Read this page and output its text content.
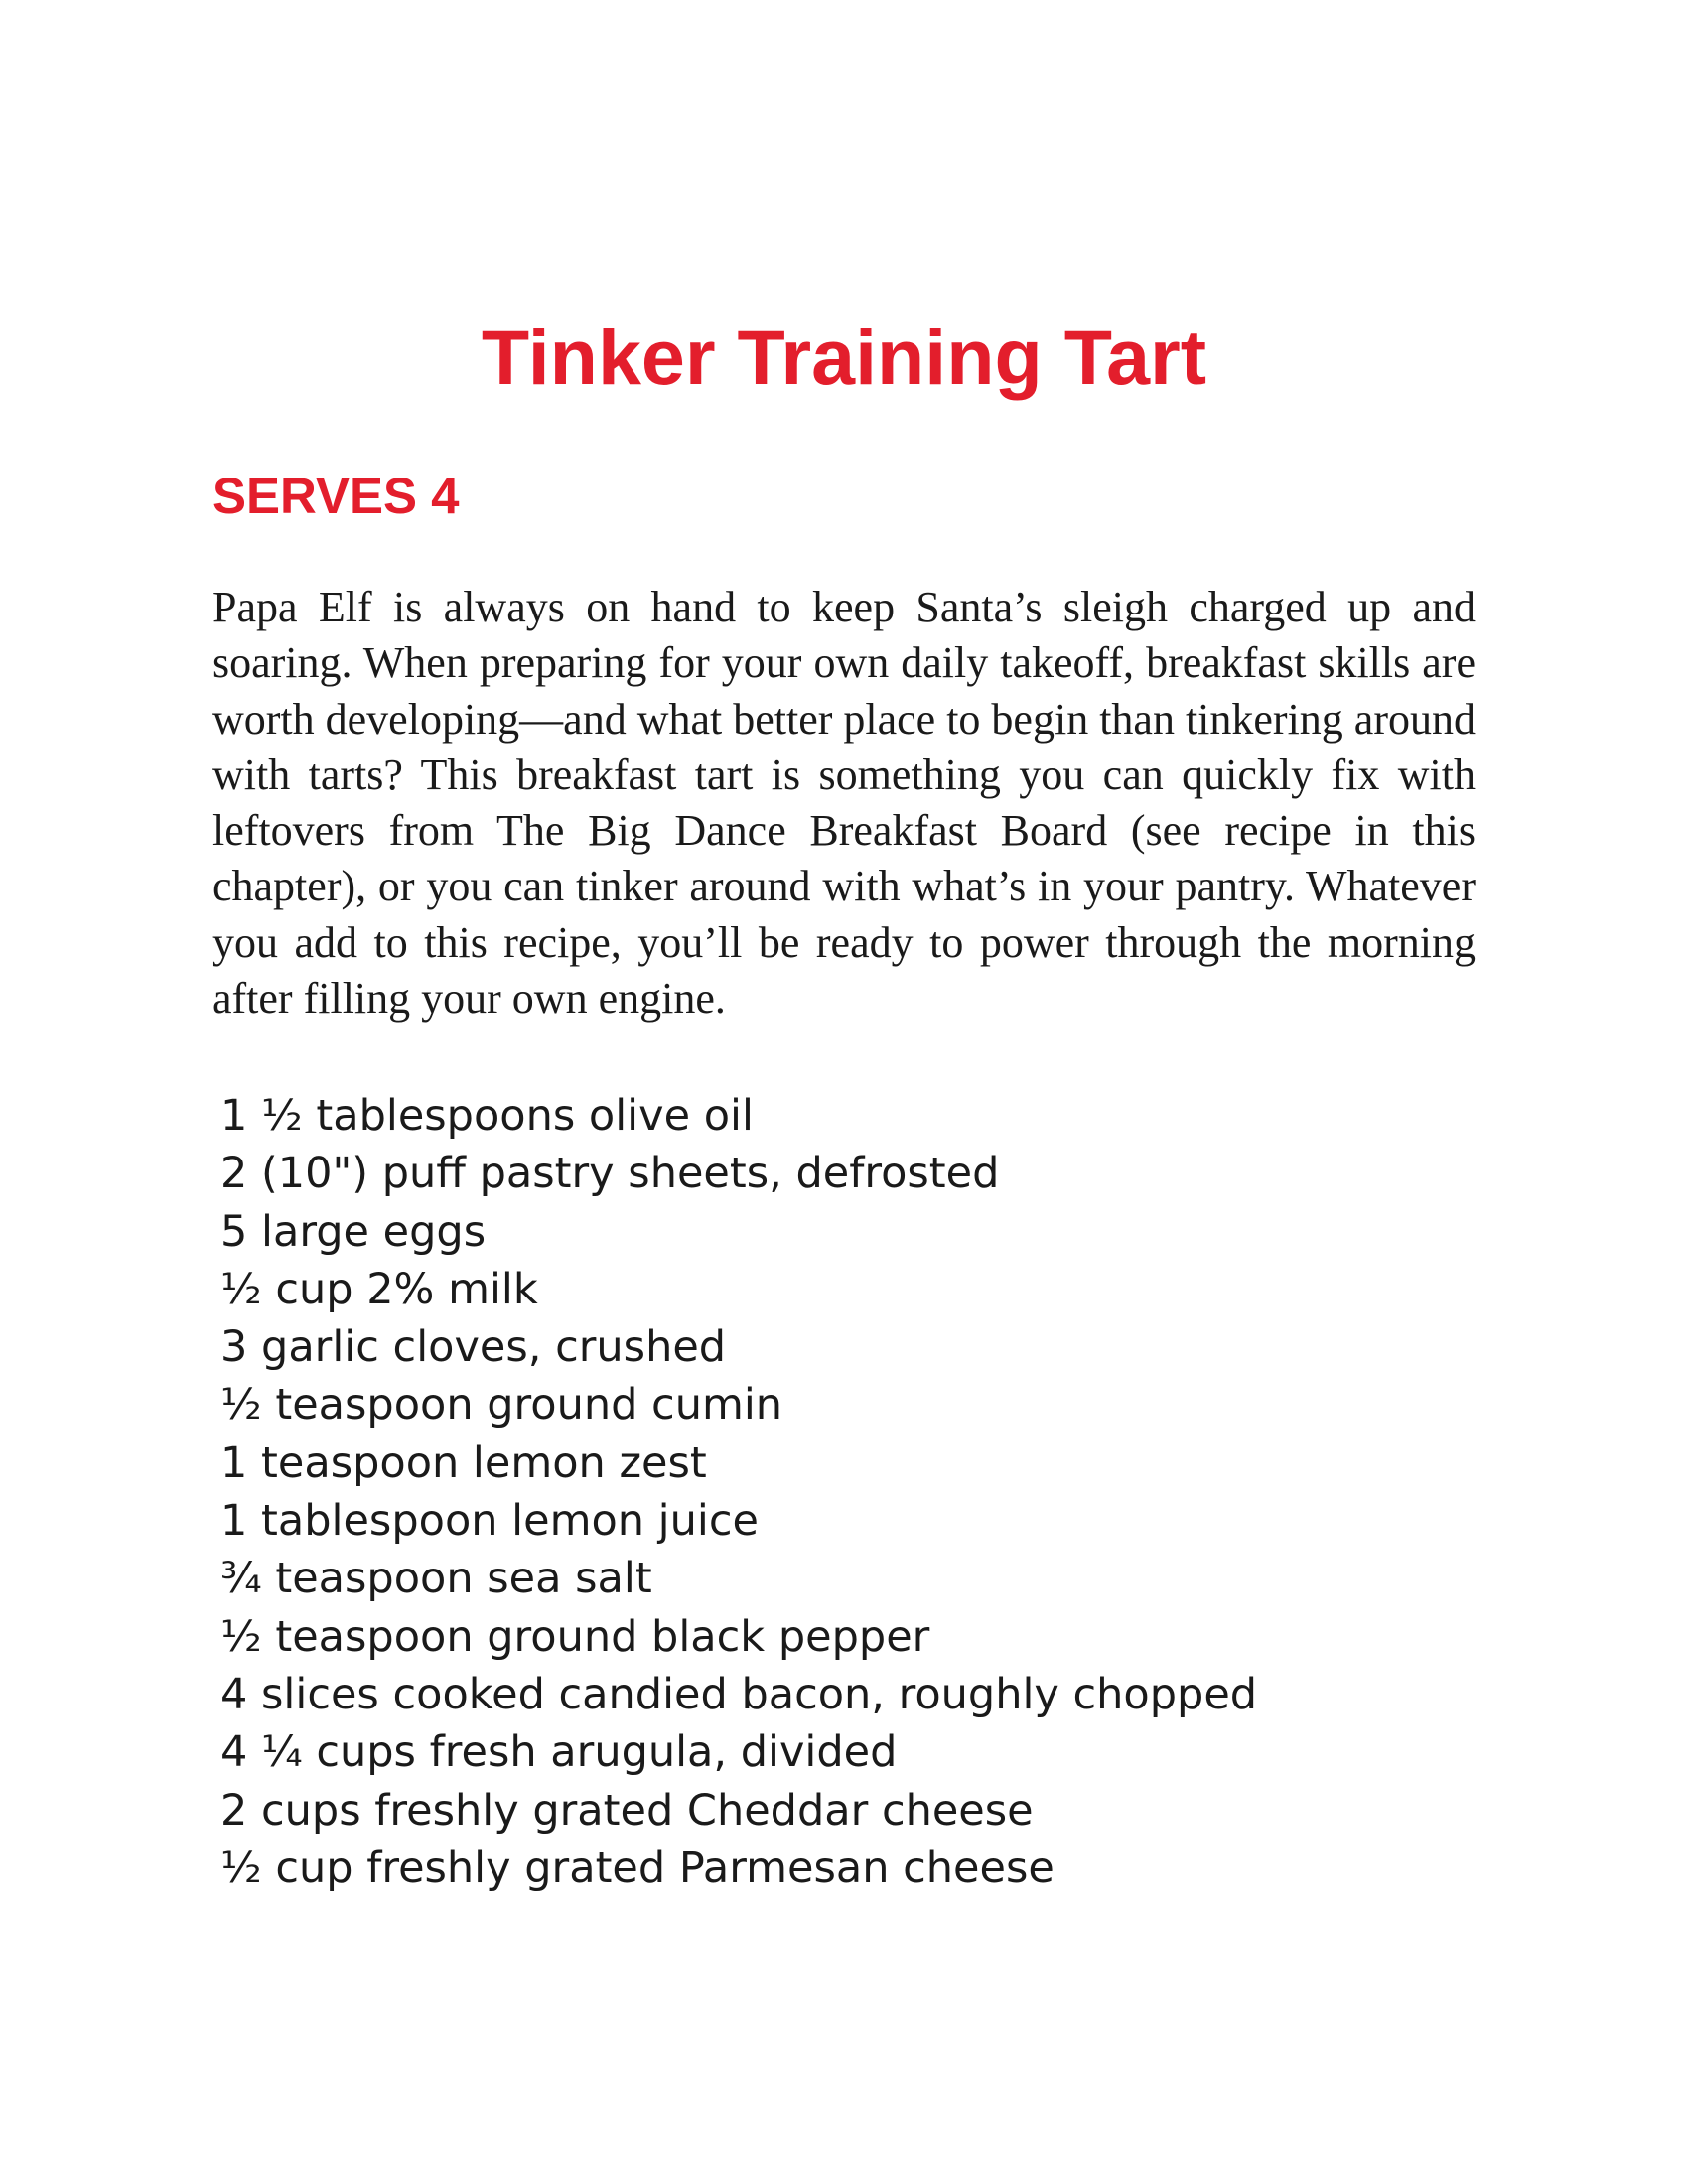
Tinker Training Tart
SERVES 4

Papa Elf is always on hand to keep Santa’s sleigh charged up and soaring. When preparing for your own daily takeoff, breakfast skills are worth developing—and what better place to begin than tinkering around with tarts? This breakfast tart is something you can quickly fix with leftovers from The Big Dance Breakfast Board (see recipe in this chapter), or you can tinker around with what’s in your pantry. Whatever you add to this recipe, you’ll be ready to power through the morning after filling your own engine.

1 ½ tablespoons olive oil
2 (10") puff pastry sheets, defrosted
5 large eggs
½ cup 2% milk
3 garlic cloves, crushed
½ teaspoon ground cumin
1 teaspoon lemon zest
1 tablespoon lemon juice
¾ teaspoon sea salt
½ teaspoon ground black pepper
4 slices cooked candied bacon, roughly chopped
4 ¼ cups fresh arugula, divided
2 cups freshly grated Cheddar cheese
½ cup freshly grated Parmesan cheese
